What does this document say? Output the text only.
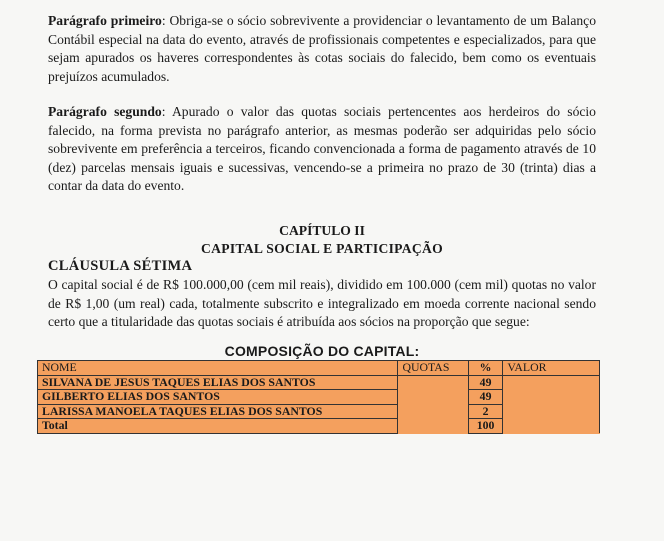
Parágrafo primeiro: Obriga-se o sócio sobrevivente a providenciar o levantamento de um Balanço Contábil especial na data do evento, através de profissionais competentes e especializados, para que sejam apurados os haveres correspondentes às cotas sociais do falecido, bem como os eventuais prejuízos acumulados.
Parágrafo segundo: Apurado o valor das quotas sociais pertencentes aos herdeiros do sócio falecido, na forma prevista no parágrafo anterior, as mesmas poderão ser adquiridas pelo sócio sobrevivente em preferência a terceiros, ficando convencionada a forma de pagamento através de 10 (dez) parcelas mensais iguais e sucessivas, vencendo-se a primeira no prazo de 30 (trinta) dias a contar da data do evento.
CAPÍTULO II
CAPITAL SOCIAL E PARTICIPAÇÃO
CLÁUSULA SÉTIMA
O capital social é de R$ 100.000,00 (cem mil reais), dividido em 100.000 (cem mil) quotas no valor de R$ 1,00 (um real) cada, totalmente subscrito e integralizado em moeda corrente nacional sendo certo que a titularidade das quotas sociais é atribuída aos sócios na proporção que segue:
COMPOSIÇÃO DO CAPITAL:
NOME	QUOTAS	%	VALOR
SILVANA DE JESUS TAQUES ELIAS DOS SANTOS		49	
GILBERTO ELIAS DOS SANTOS		49	
LARISSA MANOELA TAQUES ELIAS DOS SANTOS		2	
Total		100	
